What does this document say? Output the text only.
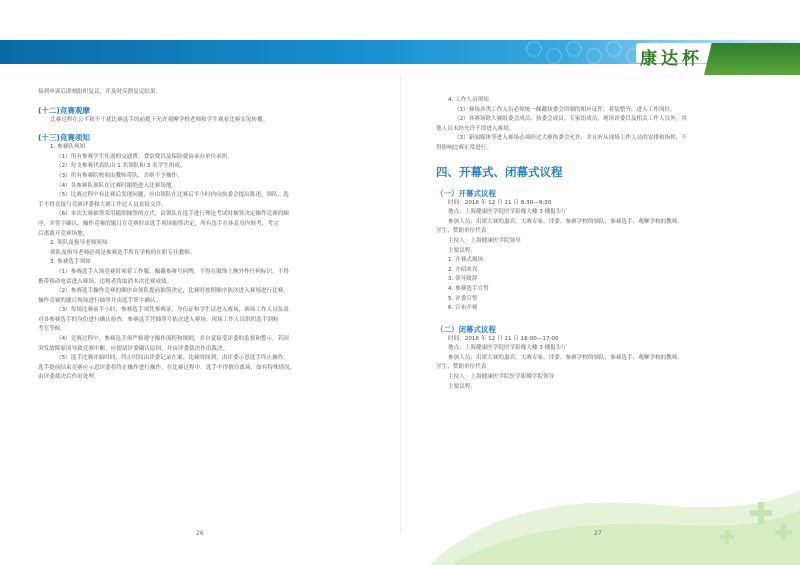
康达杯

接到申诉后即刻组织复议，并及时反馈复议结果。

(十二)竞赛观摩

比赛过程在公平和不干扰比赛选手的前提下允许观摩学校老师和学生观看比赛实况转播。

(十三)竞赛须知

1. 参赛队须知

（1）所有参赛学生往返的交通费、食宿费以及保险费由承办单位承担。

（2）每支参赛代表队由 1 名领队和 3 名学生组成。

（3）所有参赛院校须由教师带队，否则不予操作。

（4）各参赛队领队在比赛时谢绝进入比赛场地。

（5）比赛过程中有比赛后发现问题，应由领队在比赛后半小时内向执委会提出陈述。领队、选

手不得直接与竞赛评委和大赛工作过人员直接交涉。

（6）本次大赛抽签采用随即抽签的方式，由领队在选手进行理论考试时抽签决定操作竞赛的顺

序，并签字确认。操作竞赛的题目在竞赛时由选手现场抽签决定，所有选手在休息室内候考，考完

后离离开竞赛场地。

2. 领队及指导老师须知

领队及指导老师必须是参赛选手所在学校的在职专任教师。

3. 参赛选手须知

（1）参赛选手入场竞赛时须着工作服，佩戴参赛号码牌，不得在服饰上额外作任何标识，不得

携带移动电话进入赛场，违规者将取消本次比赛成绩。

（2）参赛选手操作竞赛的顺序由领队提前抽签决定，比赛时按照顺序依次进入赛场进行比赛，

操作竞赛的题目现场进行抽签并由选手签字确认。

（3）每场比赛前半小时，参赛选手须凭参赛证、身份证和学生证进入赛场，赛场工作人员负责

对各参赛选手的身份进行确认检查，参赛选手凭抽签号依次进入赛场。现场工作人员组织选手到候

考室等候。

（4）竞赛过程中，参赛选手须严格遵守操作流程和规则，并自觉接受评委的监督和警示。若因

突发故障原因导致竞赛中断，应提请评委确认原因，并由评委裁决作出裁决。

（5）选手比赛开始时间、终止时间由评委记录在案；比赛时间到，由评委示意选手终止操作。

选手提前结束竞赛应示意评委将终止操作进行操作。在比赛过程中，选手不得擅自离场，如有特殊情况，

由评委裁决后作出处理。

4. 工作人员须知

（1）赛场各类工作人员必须统一佩戴执委会印制的相应证件，着装整齐，进入工作岗位。

（2）各赛场除大赛组委会成员、执委会成员、专家组成员、现场评委以及相关工作人员外，其

他人员未经允许不得进入赛场。

（3）新闻媒体等进入赛场必须经过大赛执委会允许，并且听从现场工作人员的安排和指挥，不

得影响比赛正常进行。

四、开幕式、闭幕式议程

（一）开幕式议程

时间：2016 年 12 月 11 日 8:30—9:30

地点：上海健康医学院医学影像大楼 3 楼报告厅

参加人员：出席大赛的嘉宾、大赛专家、评委、参赛学校的领队、参赛选手、观摩学校的教师、

学生、赞助单位代表

主持人：上海健康医学院领导

主要议程：

1. 开赛式揭场

2. 介绍来宾

3. 领导致辞

4. 参赛选手宣誓

5. 评委宣誓

6. 宣布开赛

（二）闭幕式议程

时间：2016 年 12 月 11 日 16:00—17:00

地点：上海健康医学院医学影像大楼 3 楼报告厅

参加人员：出席大赛的嘉宾、大赛专家、评委、参赛学校的领队、参赛选手、观摩学校的教师、

学生、赞助单位代表

主持人：上海健康医学院医学影像学院领导

主要议程：

26	27
